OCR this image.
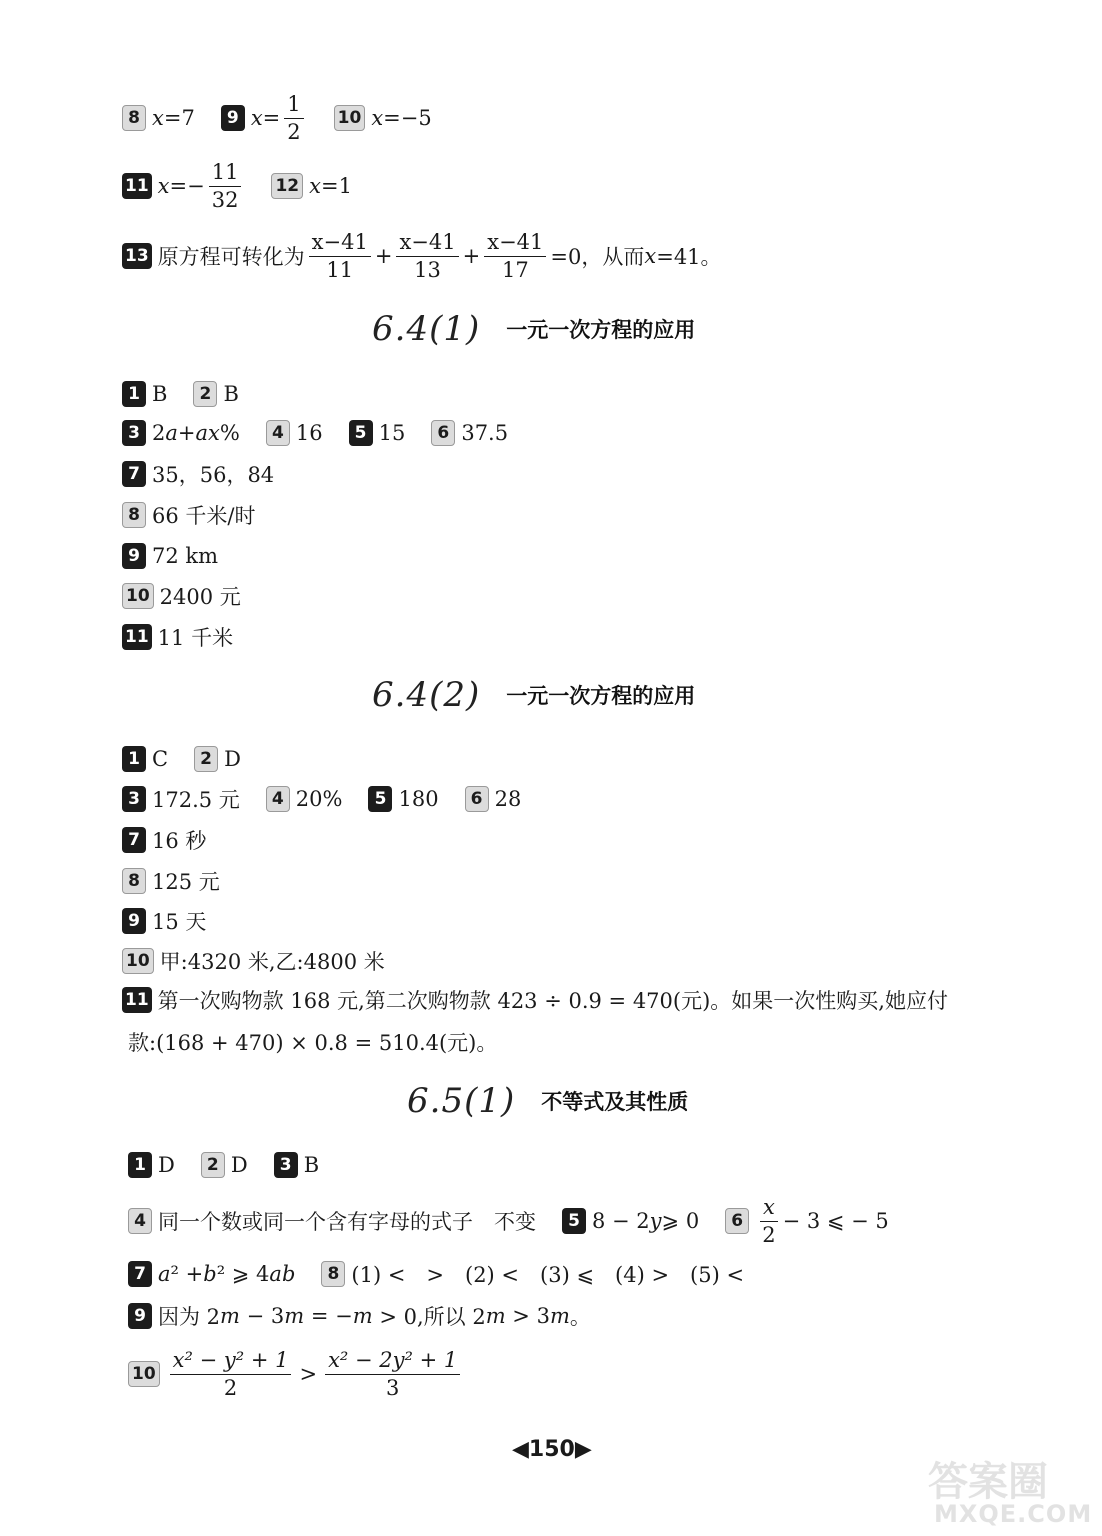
8 x =7	9 $x = \frac{1}{2} 10$ x =−5
11 $x =- \frac{11}{32} 12$ x =1
13 原方程可转化为 $\frac{x-41}{11} + \frac{x-41}{13} + \frac{x-41}{17} =0$，从而 x =41。
6.4(1) 一元一次方程的应用
1 B	2 B
3 2 a + ax %	4 16	5 15	6 37.5
7 35，56，84
8 66 千米/时
9 72 km
10 2400 元
11 11 千米
6.4(2) 一元一次方程的应用
1 C	2 D
3 172.5 元	4 20%	5 180	6 28
7 16 秒
8 125 元
9 15 天
10 甲:4320 米,乙:4800 米
11 第一次购物款 168 元,第二次购物款 423 ÷ 0.9 = 470(元)。如果一次性购买,她应付
款:(168 + 470) × 0.8 = 510.4(元)。
6.5(1) 不等式及其性质
1 D	2 D	3 B
4 同一个数或同一个含有字母的式子　不变	5 8 − 2 y ⩾ 0	$6 \frac{x}{2} - 3$ ⩽ − 5
7 a ² + b ² ⩾ 4 ab	8 (1) <　>　(2) <　(3) ⩽　(4) >　(5) <
9 因为 2 m − 3 m = − m > 0,所以 2 m > 3 m 。
$10 \frac{\text{x² − y² + 1}}{2} > \frac{\text{x² − 2y² + 1}}{3}$
◀150▶
答案圈
MXQE.COM
